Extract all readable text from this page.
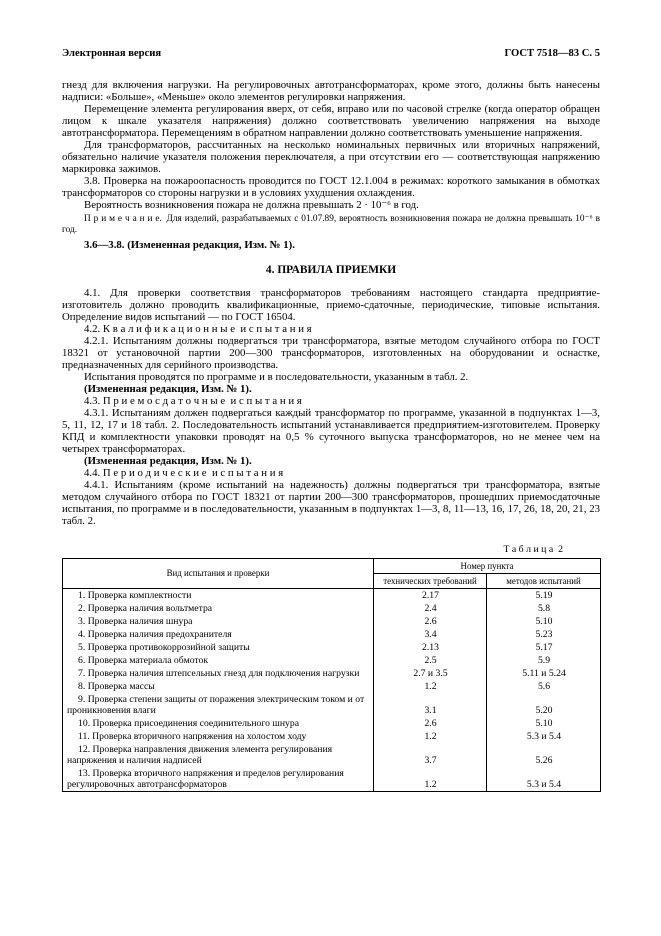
Электронная версия	ГОСТ 7518—83 С. 5

гнезд для включения нагрузки. На регулировочных автотрансформаторах, кроме этого, должны быть нанесены надписи: «Больше», «Меньше» около элементов регулировки напряжения.

Перемещение элемента регулирования вверх, от себя, вправо или по часовой стрелке (когда оператор обращен лицом к шкале указателя напряжения) должно соответствовать увеличению напряжения на выходе автотрансформатора. Перемещениям в обратном направлении должно соответствовать уменьшение напряжения.

Для трансформаторов, рассчитанных на несколько номинальных первичных или вторичных напряжений, обязательно наличие указателя положения переключателя, а при отсутствии его — соответствующая напряжению маркировка зажимов.

3.8. Проверка на пожароопасность проводится по ГОСТ 12.1.004 в режимах: короткого замыкания в обмотках трансформаторов со стороны нагрузки и в условиях ухудшения охлаждения.

Вероятность возникновения пожара не должна превышать 2 · 10⁻⁶ в год.

П р и м е ч а н и е. Для изделий, разрабатываемых с 01.07.89, вероятность возникновения пожара не должна превышать 10⁻⁶ в год.

3.6—3.8. (Измененная редакция, Изм. № 1).

4. ПРАВИЛА ПРИЕМКИ

4.1. Для проверки соответствия трансформаторов требованиям настоящего стандарта предприятие-изготовитель должно проводить квалификационные, приемо-сдаточные, периодические, типовые испытания. Определение видов испытаний — по ГОСТ 16504.

4.2. К в а л и ф и к а ц и о н н ы е и с п ы т а н и я

4.2.1. Испытаниям должны подвергаться три трансформатора, взятые методом случайного отбора по ГОСТ 18321 от установочной партии 200—300 трансформаторов, изготовленных на оборудовании и оснастке, предназначенных для серийного производства.

Испытания проводятся по программе и в последовательности, указанным в табл. 2.

(Измененная редакция, Изм. № 1).

4.3. П р и е м о с д а т о ч н ы е и с п ы т а н и я

4.3.1. Испытаниям должен подвергаться каждый трансформатор по программе, указанной в подпунктах 1—3, 5, 11, 12, 17 и 18 табл. 2. Последовательность испытаний устанавливается предприятием-изготовителем. Проверку КПД и комплектности упаковки проводят на 0,5 % суточного выпуска трансформаторов, но не менее чем на четырех трансформаторах.

(Измененная редакция, Изм. № 1).

4.4. П е р и о д и ч е с к и е и с п ы т а н и я

4.4.1. Испытаниям (кроме испытаний на надежность) должны подвергаться три трансформатора, взятые методом случайного отбора по ГОСТ 18321 от партии 200—300 трансформаторов, прошедших приемосдаточные испытания, по программе и в последовательности, указанным в подпунктах 1—3, 8, 11—13, 16, 17, 26, 18, 20, 21, 23 табл. 2.

Т а б л и ц а 2
Вид испытания и проверки	Номер пункта	
	технических требований	методов испытаний
1. Проверка комплектности	2.17	5.19
2. Проверка наличия вольтметра	2.4	5.8
3. Проверка наличия шнура	2.6	5.10
4. Проверка наличия предохранителя	3.4	5.23
5. Проверка противокоррозийной защиты	2.13	5.17
6. Проверка материала обмоток	2.5	5.9
7. Проверка наличия штепсельных гнезд для подключения нагрузки	2.7 и 3.5	5.11 и 5.24
8. Проверка массы	1.2	5.6
9. Проверка степени защиты от поражения электрическим током и от проникновения влаги	3.1	5.20
10. Проверка присоединения соединительного шнура	2.6	5.10
11. Проверка вторичного напряжения на холостом ходу	1.2	5.3 и 5.4
12. Проверка направления движения элемента регулирования напряжения и наличия надписей	3.7	5.26
13. Проверка вторичного напряжения и пределов регулирования регулировочных автотрансформаторов	1.2	5.3 и 5.4
